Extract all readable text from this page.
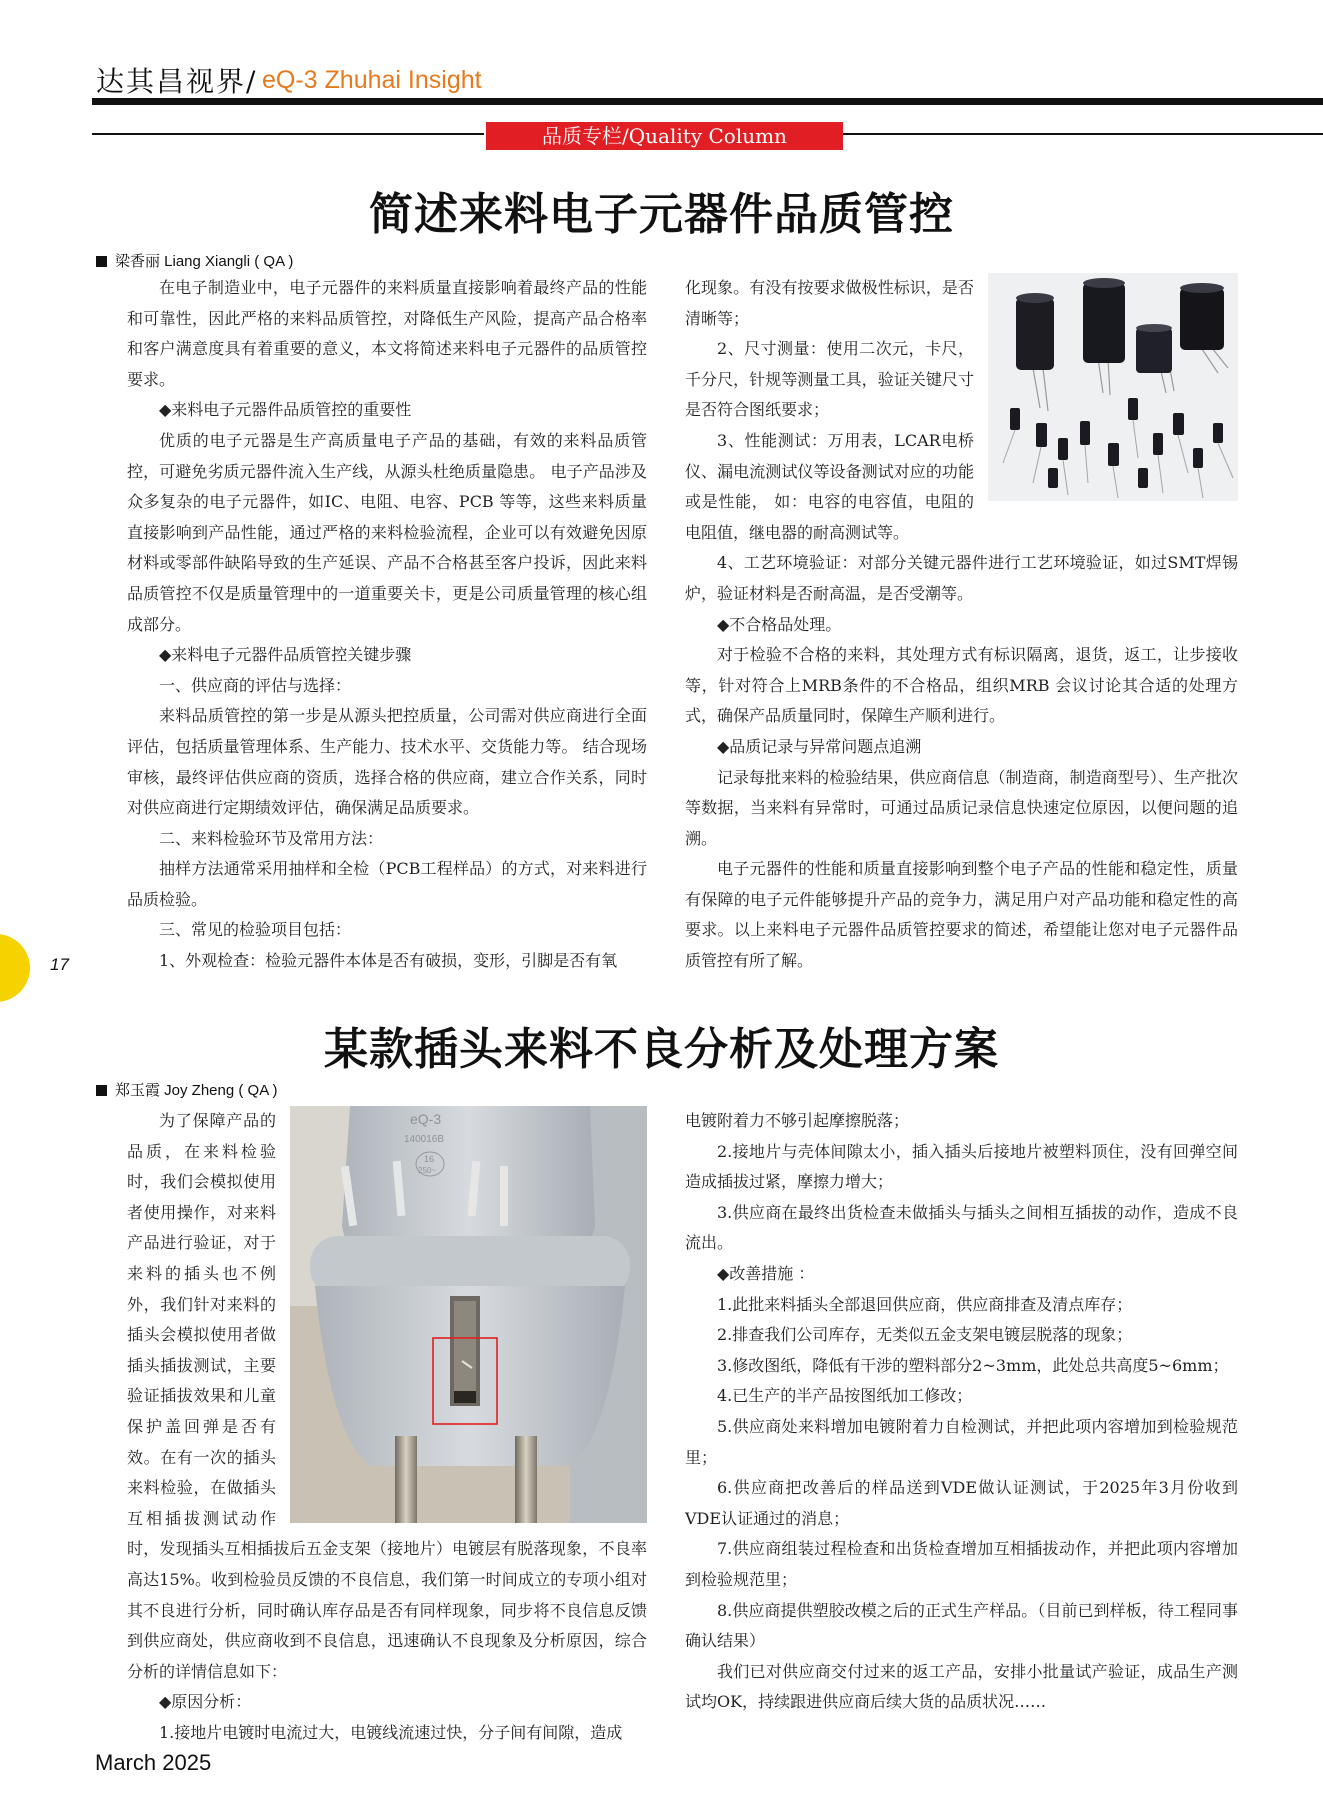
达其昌视界/ eQ-3 Zhuhai Insight
品质专栏/Quality Column
简述来料电子元器件品质管控
梁香丽 Liang Xiangli ( QA )

在电子制造业中，电子元器件的来料质量直接影响着最终产品的性能和可靠性，因此严格的来料品质管控，对降低生产风险，提高产品合格率和客户满意度具有着重要的意义，本文将简述来料电子元器件的品质管控要求。

◆来料电子元器件品质管控的重要性

优质的电子元器是生产高质量电子产品的基础，有效的来料品质管控，可避免劣质元器件流入生产线，从源头杜绝质量隐患。 电子产品涉及众多复杂的电子元器件，如IC、电阻、电容、PCB 等等，这些来料质量直接影响到产品性能，通过严格的来料检验流程，企业可以有效避免因原材料或零部件缺陷导致的生产延误、产品不合格甚至客户投诉，因此来料品质管控不仅是质量管理中的一道重要关卡，更是公司质量管理的核心组成部分。

◆来料电子元器件品质管控关键步骤

一、供应商的评估与选择：

来料品质管控的第一步是从源头把控质量，公司需对供应商进行全面评估，包括质量管理体系、生产能力、技术水平、交货能力等。 结合现场审核，最终评估供应商的资质，选择合格的供应商，建立合作关系，同时对供应商进行定期绩效评估，确保满足品质要求。

二、来料检验环节及常用方法：

抽样方法通常采用抽样和全检（PCB工程样品）的方式，对来料进行品质检验。

三、常见的检验项目包括：

1、外观检查：检验元器件本体是否有破损，变形，引脚是否有氧

化现象。有没有按要求做极性标识，是否清晰等；

2、尺寸测量：使用二次元，卡尺，千分尺，针规等测量工具，验证关键尺寸是否符合图纸要求；

3、性能测试：万用表，LCAR电桥仪、漏电流测试仪等设备测试对应的功能或是性能， 如：电容的电容值，电阻的电阻值，继电器的耐高测试等。

4、工艺环境验证：对部分关键元器件进行工艺环境验证，如过SMT焊锡炉，验证材料是否耐高温，是否受潮等。

◆不合格品处理。

对于检验不合格的来料，其处理方式有标识隔离，退货，返工，让步接收等，针对符合上MRB条件的不合格品，组织MRB 会议讨论其合适的处理方式，确保产品质量同时，保障生产顺利进行。

◆品质记录与异常问题点追溯

记录每批来料的检验结果，供应商信息（制造商，制造商型号）、生产批次等数据，当来料有异常时，可通过品质记录信息快速定位原因，以便问题的追溯。

电子元器件的性能和质量直接影响到整个电子产品的性能和稳定性，质量有保障的电子元件能够提升产品的竞争力，满足用户对产品功能和稳定性的高要求。以上来料电子元器件品质管控要求的简述，希望能让您对电子元器件品质管控有所了解。

17
某款插头来料不良分析及处理方案
郑玉霞 Joy Zheng ( QA )
eQ-3
140016B
16
250~

为了保障产品的品质，在来料检验时，我们会模拟使用者使用操作，对来料产品进行验证，对于来料的插头也不例外，我们针对来料的插头会模拟使用者做插头插拔测试，主要验证插拔效果和儿童保护盖回弹是否有效。在有一次的插头来料检验，在做插头互相插拔测试动作时，发现插头互相插拔后五金支架（接地片）电镀层有脱落现象，不良率高达15%。收到检验员反馈的不良信息，我们第一时间成立的专项小组对其不良进行分析，同时确认库存品是否有同样现象，同步将不良信息反馈到供应商处，供应商收到不良信息，迅速确认不良现象及分析原因，综合分析的详情信息如下：

◆原因分析：

1.接地片电镀时电流过大，电镀线流速过快，分子间有间隙，造成

电镀附着力不够引起摩擦脱落；

2.接地片与壳体间隙太小，插入插头后接地片被塑料顶住，没有回弹空间造成插拔过紧，摩擦力增大；

3.供应商在最终出货检查未做插头与插头之间相互插拔的动作，造成不良流出。

◆改善措施 ：

1.此批来料插头全部退回供应商，供应商排查及清点库存；

2.排查我们公司库存，无类似五金支架电镀层脱落的现象；

3.修改图纸，降低有干涉的塑料部分2~3mm，此处总共高度5~6mm；

4.已生产的半产品按图纸加工修改；

5.供应商处来料增加电镀附着力自检测试，并把此项内容增加到检验规范里；

6.供应商把改善后的样品送到VDE做认证测试，于2025年3月份收到VDE认证通过的消息；

7.供应商组装过程检查和出货检查增加互相插拔动作，并把此项内容增加到检验规范里；

8.供应商提供塑胶改模之后的正式生产样品。（目前已到样板，待工程同事确认结果）

我们已对供应商交付过来的返工产品，安排小批量试产验证，成品生产测试均OK，持续跟进供应商后续大货的品质状况……

March 2025
